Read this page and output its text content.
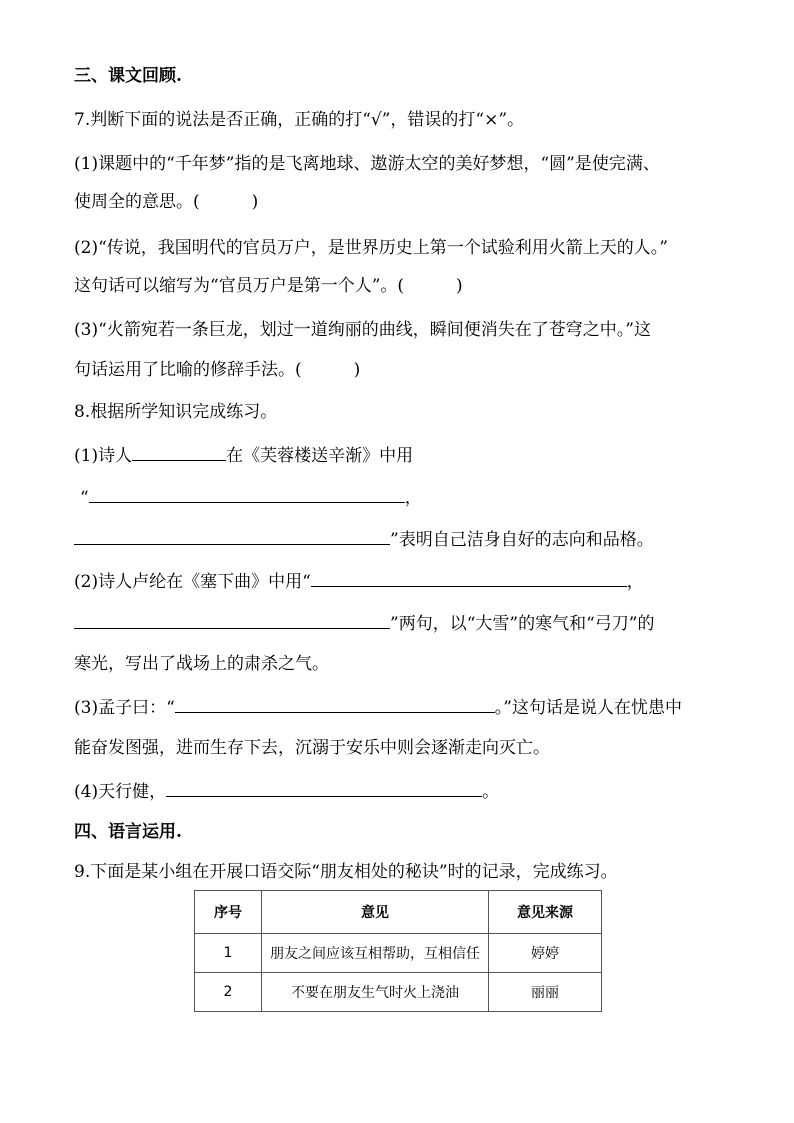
三、课文回顾.
7.判断下面的说法是否正确，正确的打“√”，错误的打“×”。
(1)课题中的“千年梦”指的是飞离地球、遨游太空的美好梦想，“圆”是使完满、
使周全的意思。(	)
(2)“传说，我国明代的官员万户，是世界历史上第一个试验利用火箭上天的人。”
这句话可以缩写为“官员万户是第一个人”。(	)
(3)“火箭宛若一条巨龙，划过一道绚丽的曲线，瞬间便消失在了苍穹之中。”这
句话运用了比喻的修辞手法。(	)
8.根据所学知识完成练习。
(1)诗人	在《芙蓉楼送辛渐》中用
“	，
”表明自己洁身自好的志向和品格。
(2)诗人卢纶在《塞下曲》中用“	，
”两句，以“大雪”的寒气和“弓刀”的
寒光，写出了战场上的肃杀之气。
(3)孟子曰：“	。”这句话是说人在忧患中
能奋发图强，进而生存下去，沉溺于安乐中则会逐渐走向灭亡。
(4)天行健，	。
四、语言运用.
9.下面是某小组在开展口语交际“朋友相处的秘诀”时的记录，完成练习。
序号	意见	意见来源
1	朋友之间应该互相帮助，互相信任	婷婷
2	不要在朋友生气时火上浇油	丽丽
